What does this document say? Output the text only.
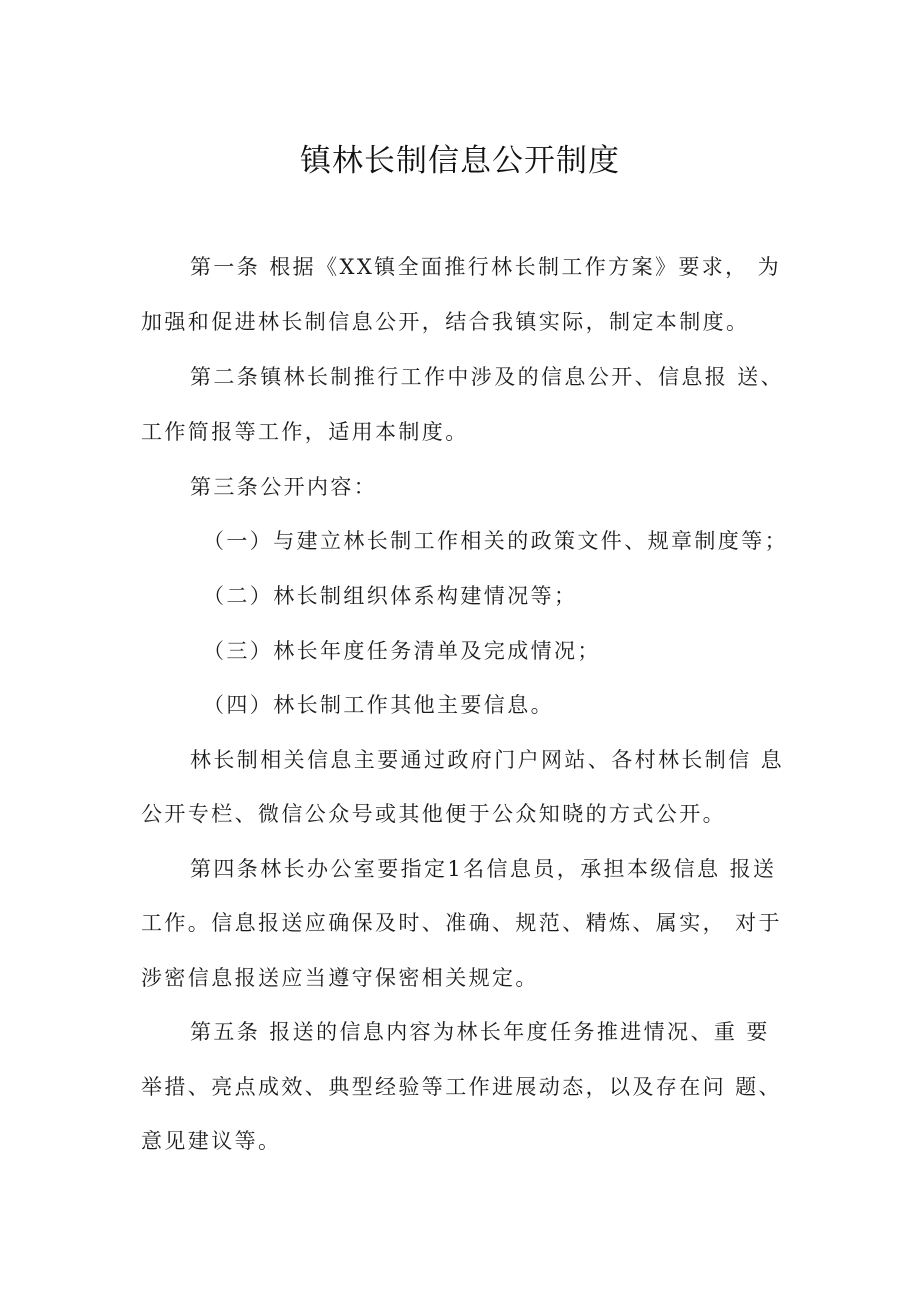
镇林长制信息公开制度
第一条 根据《XX镇全面推行林长制工作方案》要求， 为
加强和促进林长制信息公开，结合我镇实际，制定本制度。
第二条镇林长制推行工作中涉及的信息公开、信息报 送、
工作简报等工作，适用本制度。
第三条公开内容：
（一）与建立林长制工作相关的政策文件、规章制度等；
（二）林长制组织体系构建情况等；
（三）林长年度任务清单及完成情况；
（四）林长制工作其他主要信息。
林长制相关信息主要通过政府门户网站、各村林长制信 息
公开专栏、微信公众号或其他便于公众知晓的方式公开。
第四条林长办公室要指定1名信息员，承担本级信息 报送
工作。信息报送应确保及时、准确、规范、精炼、属实， 对于
涉密信息报送应当遵守保密相关规定。
第五条 报送的信息内容为林长年度任务推进情况、重 要
举措、亮点成效、典型经验等工作进展动态，以及存在问 题、
意见建议等。
